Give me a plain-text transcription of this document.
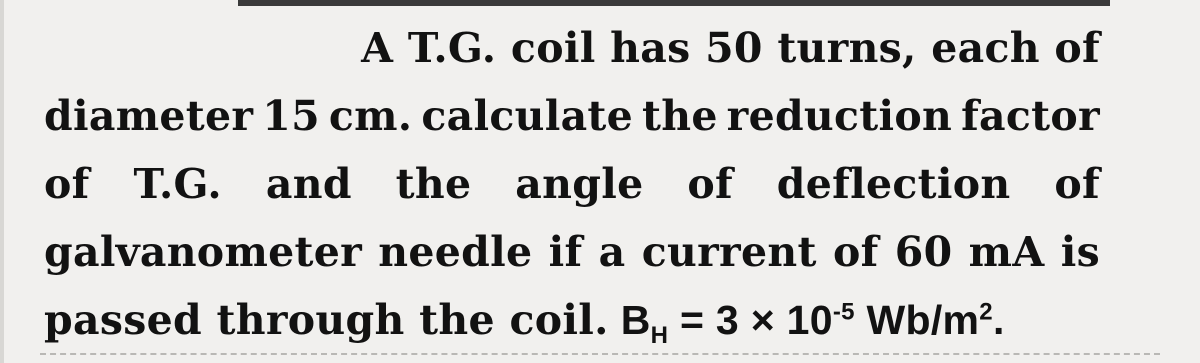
A T.G. coil has 50 turns, each of
diameter 15 cm. calculate the reduction factor
of T.G. and the angle of deflection of
galvanometer needle if a current of 60 mA is
passed through the coil. $B_H = 3 \times 10^{-5}$ $Wb/m^2$.
